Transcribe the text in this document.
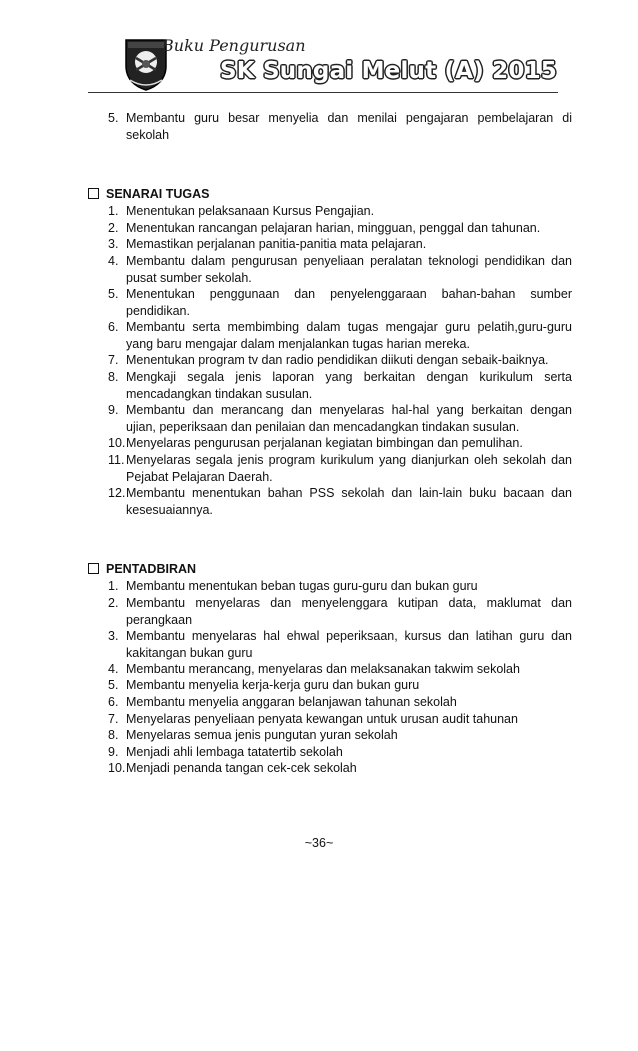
Buku Pengurusan
SK Sungai Melut (A) 2015
5. Membantu guru besar menyelia dan menilai pengajaran pembelajaran di sekolah
SENARAI TUGAS
1. Menentukan pelaksanaan Kursus Pengajian.
2. Menentukan rancangan pelajaran harian, mingguan, penggal dan tahunan.
3. Memastikan perjalanan panitia-panitia mata pelajaran.
4. Membantu dalam pengurusan penyeliaan peralatan teknologi pendidikan dan pusat sumber sekolah.
5. Menentukan penggunaan dan penyelenggaraan bahan-bahan sumber pendidikan.
6. Membantu serta membimbing dalam tugas mengajar guru pelatih,guru-guru yang baru mengajar dalam menjalankan tugas harian mereka.
7. Menentukan program tv dan radio pendidikan diikuti dengan sebaik-baiknya.
8. Mengkaji segala jenis laporan yang berkaitan dengan kurikulum serta mencadangkan tindakan susulan.
9. Membantu dan merancang dan menyelaras hal-hal yang berkaitan dengan ujian, peperiksaan dan penilaian dan mencadangkan tindakan susulan.
10. Menyelaras pengurusan perjalanan kegiatan bimbingan dan pemulihan.
11. Menyelaras segala jenis program kurikulum yang dianjurkan oleh sekolah dan Pejabat Pelajaran Daerah.
12. Membantu menentukan bahan PSS sekolah dan lain-lain buku bacaan dan kesesuaiannya.
PENTADBIRAN
1. Membantu menentukan beban tugas guru-guru dan bukan guru
2. Membantu menyelaras dan menyelenggara kutipan data, maklumat dan perangkaan
3. Membantu menyelaras hal ehwal peperiksaan, kursus dan latihan guru dan kakitangan bukan guru
4. Membantu merancang, menyelaras dan melaksanakan takwim sekolah
5. Membantu menyelia kerja-kerja guru dan bukan guru
6. Membantu menyelia anggaran belanjawan tahunan sekolah
7. Menyelaras penyeliaan penyata kewangan untuk urusan audit tahunan
8. Menyelaras semua jenis pungutan yuran sekolah
9. Menjadi ahli lembaga tatatertib sekolah
10. Menjadi penanda tangan cek-cek sekolah
~36~
